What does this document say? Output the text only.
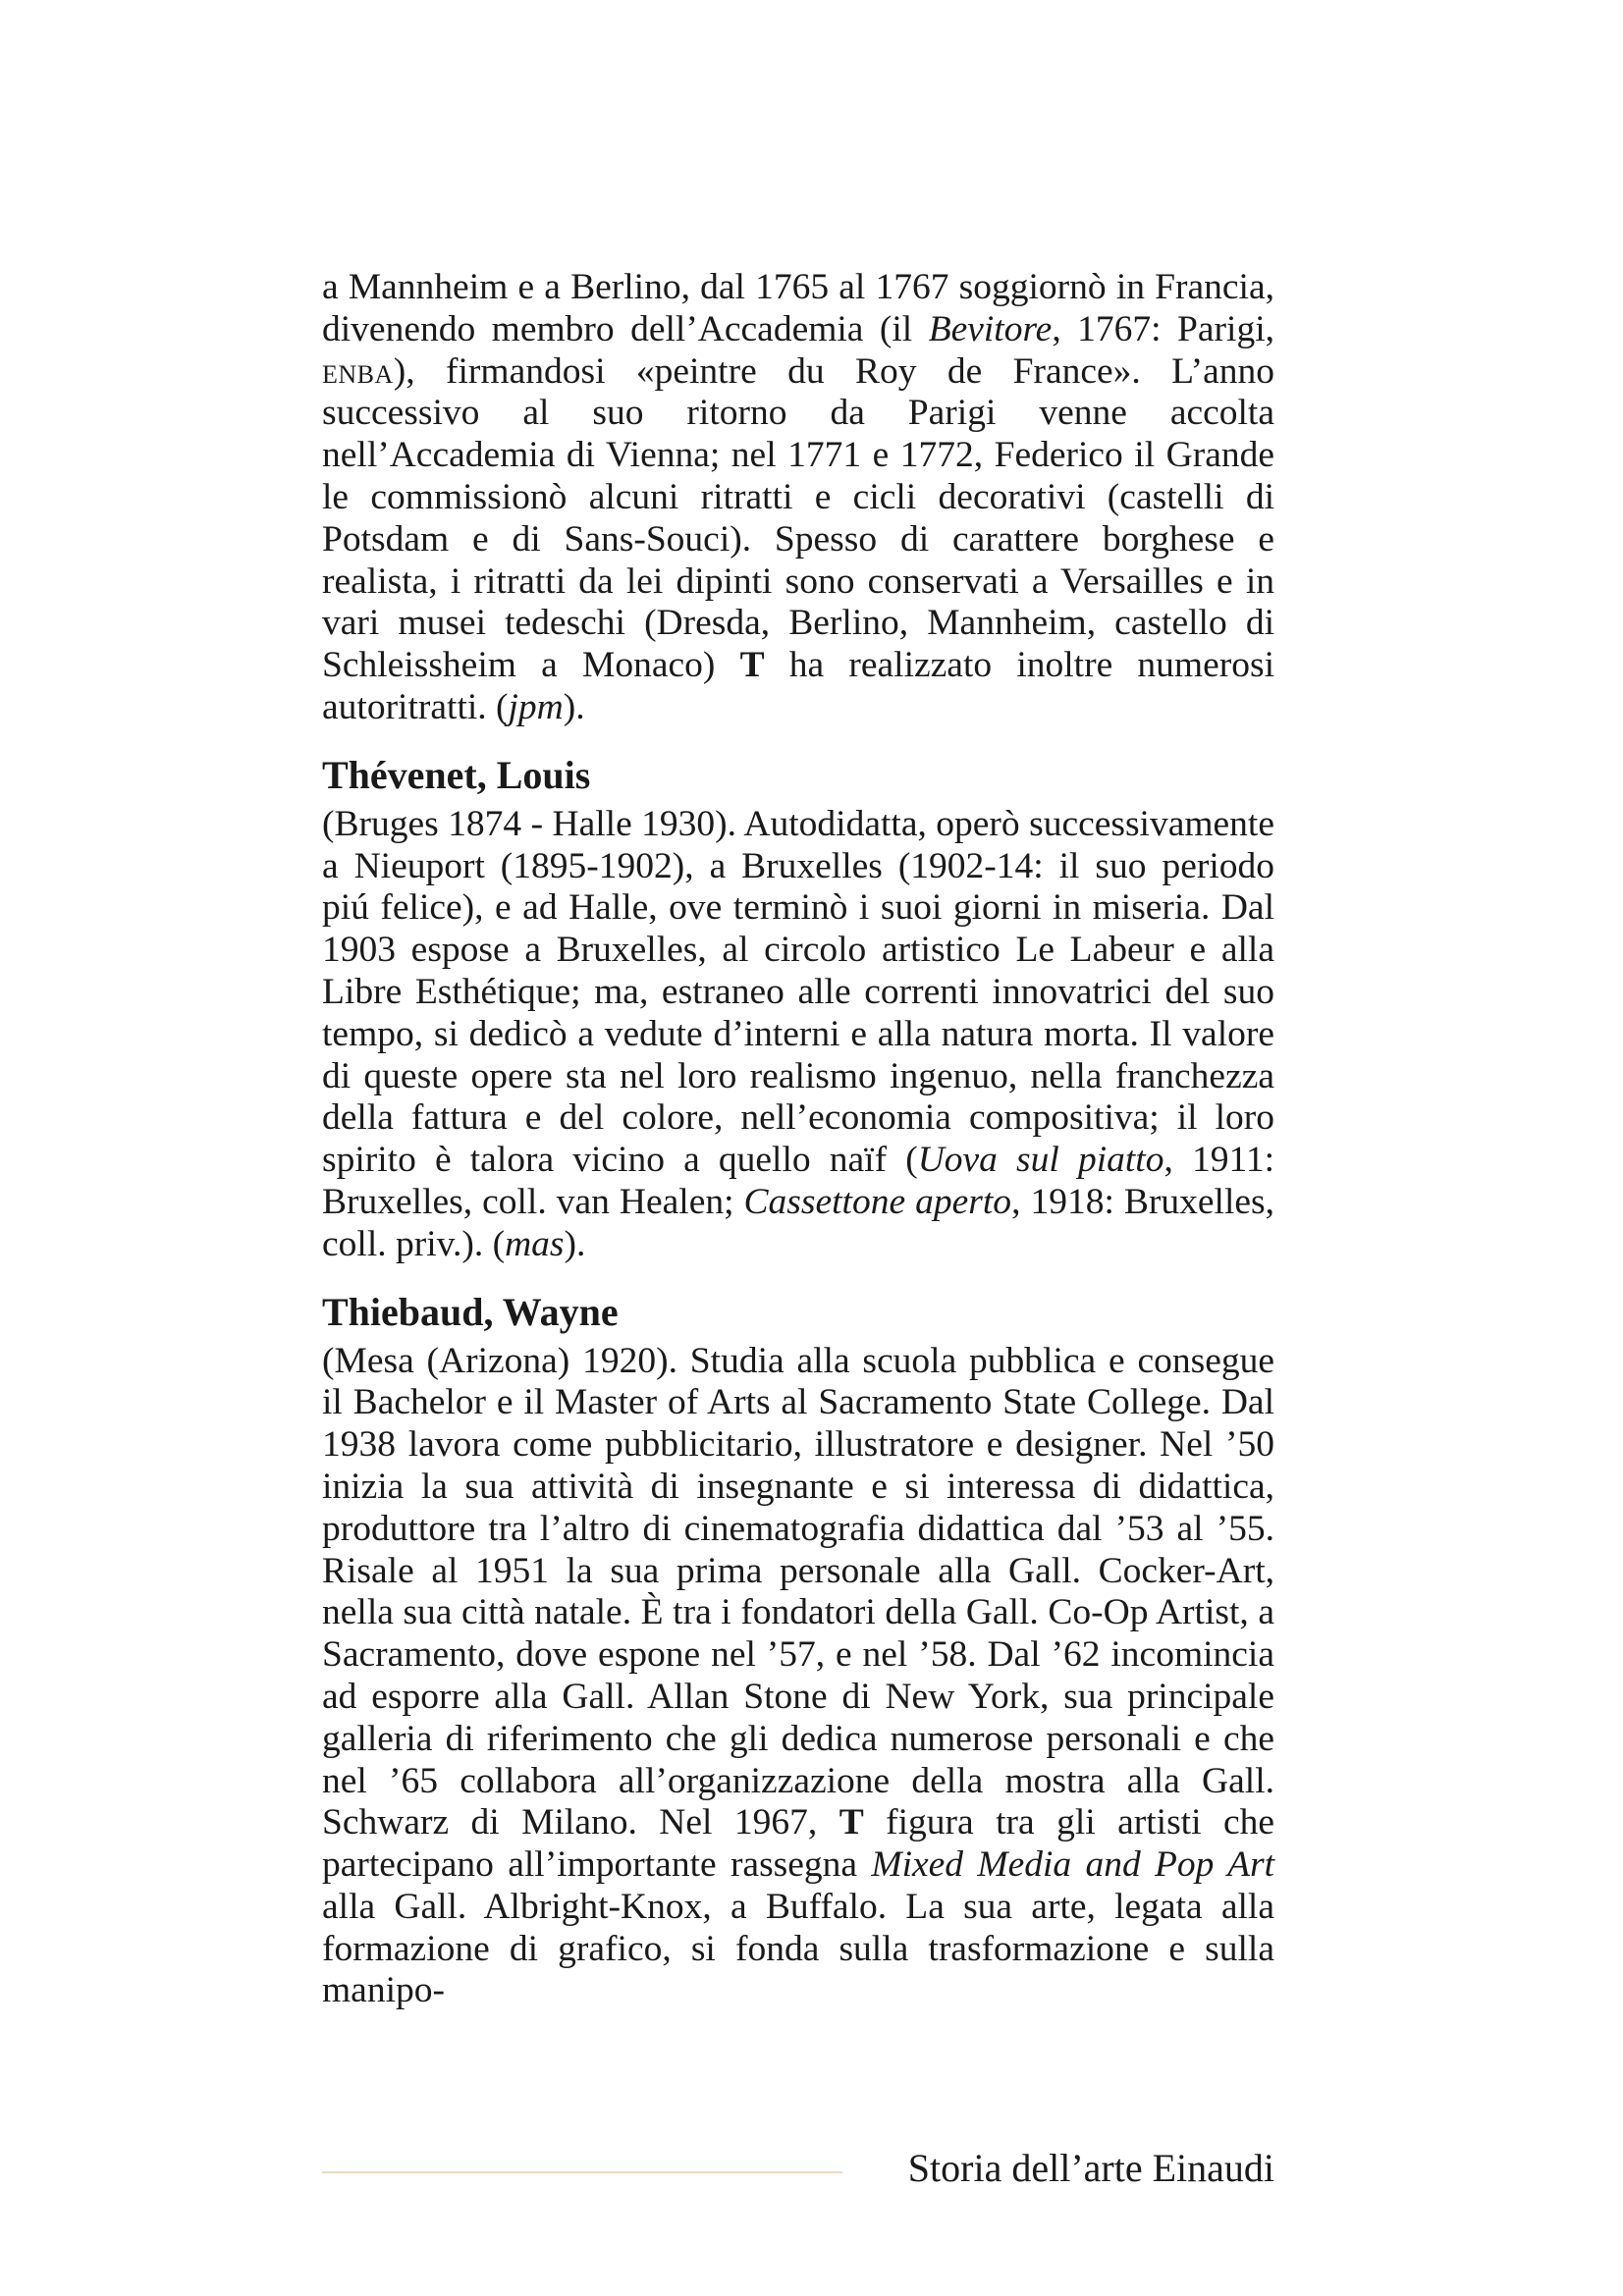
a Mannheim e a Berlino, dal 1765 al 1767 soggiornò in Francia, divenendo membro dell’Accademia (il Bevitore, 1767: Parigi, enba), firmandosi «peintre du Roy de France». L’anno successivo al suo ritorno da Parigi venne accolta nell’Accademia di Vienna; nel 1771 e 1772, Federico il Grande le commissionò alcuni ritratti e cicli decorativi (castelli di Potsdam e di Sans-Souci). Spesso di carattere borghese e realista, i ritratti da lei dipinti sono conservati a Versailles e in vari musei tedeschi (Dresda, Berlino, Mannheim, castello di Schleissheim a Monaco) T ha realizzato inoltre numerosi autoritratti. (jpm).

Thévenet, Louis

(Bruges 1874 - Halle 1930). Autodidatta, operò successivamente a Nieuport (1895-1902), a Bruxelles (1902-14: il suo periodo piú felice), e ad Halle, ove terminò i suoi giorni in miseria. Dal 1903 espose a Bruxelles, al circolo artistico Le Labeur e alla Libre Esthétique; ma, estraneo alle correnti innovatrici del suo tempo, si dedicò a vedute d’interni e alla natura morta. Il valore di queste opere sta nel loro realismo ingenuo, nella franchezza della fattura e del colore, nell’economia compositiva; il loro spirito è talora vicino a quello naïf (Uova sul piatto, 1911: Bruxelles, coll. van Healen; Cassettone aperto, 1918: Bruxelles, coll. priv.). (mas).

Thiebaud, Wayne

(Mesa (Arizona) 1920). Studia alla scuola pubblica e consegue il Bachelor e il Master of Arts al Sacramento State College. Dal 1938 lavora come pubblicitario, illustratore e designer. Nel ’50 inizia la sua attività di insegnante e si interessa di didattica, produttore tra l’altro di cinematografia didattica dal ’53 al ’55. Risale al 1951 la sua prima personale alla Gall. Cocker-Art, nella sua città natale. È tra i fondatori della Gall. Co-Op Artist, a Sacramento, dove espone nel ’57, e nel ’58. Dal ’62 incomincia ad esporre alla Gall. Allan Stone di New York, sua principale galleria di riferimento che gli dedica numerose personali e che nel ’65 collabora all’organizzazione della mostra alla Gall. Schwarz di Milano. Nel 1967, T figura tra gli artisti che partecipano all’importante rassegna Mixed Media and Pop Art alla Gall. Albright-Knox, a Buffalo. La sua arte, legata alla formazione di grafico, si fonda sulla trasformazione e sulla manipo-

Storia dell’arte Einaudi
